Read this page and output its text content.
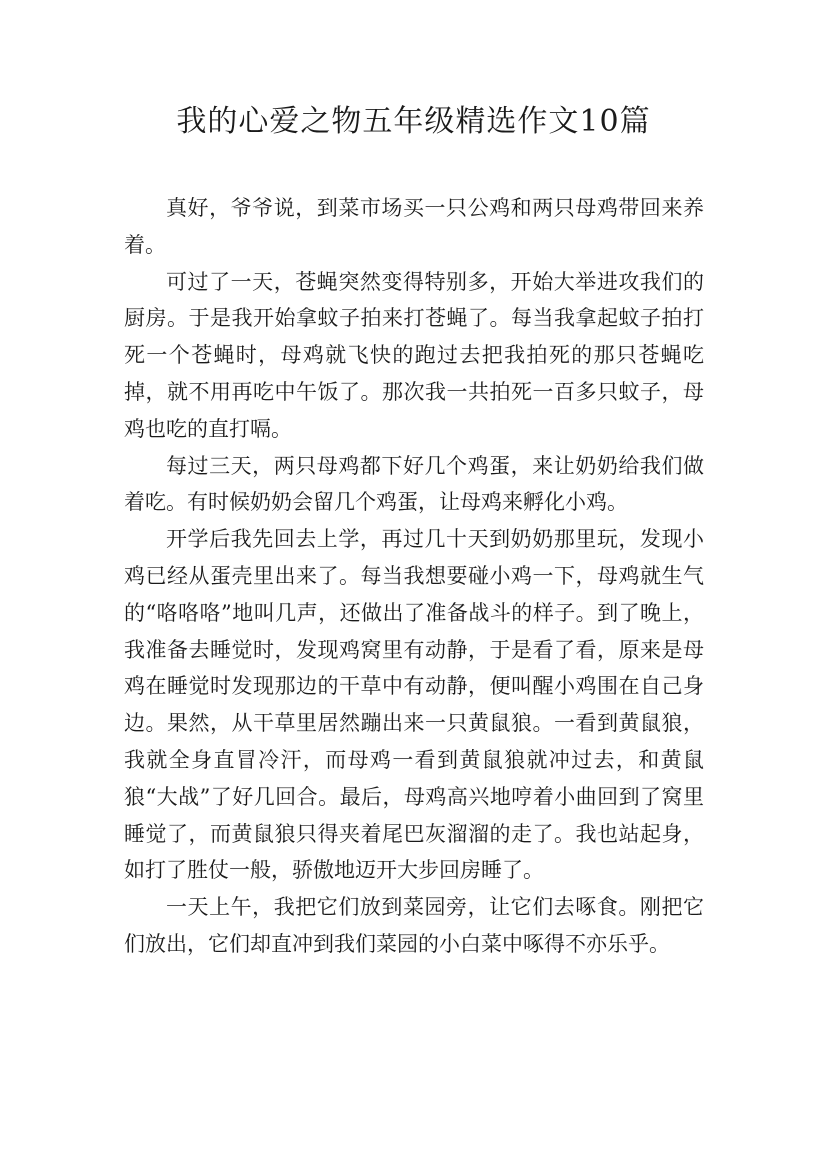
我的心爱之物五年级精选作文10篇

真好，爷爷说，到菜市场买一只公鸡和两只母鸡带回来养着。

可过了一天，苍蝇突然变得特别多，开始大举进攻我们的厨房。于是我开始拿蚊子拍来打苍蝇了。每当我拿起蚊子拍打死一个苍蝇时，母鸡就飞快的跑过去把我拍死的那只苍蝇吃掉，就不用再吃中午饭了。那次我一共拍死一百多只蚊子，母鸡也吃的直打嗝。

每过三天，两只母鸡都下好几个鸡蛋，来让奶奶给我们做着吃。有时候奶奶会留几个鸡蛋，让母鸡来孵化小鸡。

开学后我先回去上学，再过几十天到奶奶那里玩，发现小鸡已经从蛋壳里出来了。每当我想要碰小鸡一下，母鸡就生气的“咯咯咯”地叫几声，还做出了准备战斗的样子。到了晚上，我准备去睡觉时，发现鸡窝里有动静，于是看了看，原来是母鸡在睡觉时发现那边的干草中有动静，便叫醒小鸡围在自己身边。果然，从干草里居然蹦出来一只黄鼠狼。一看到黄鼠狼，我就全身直冒冷汗，而母鸡一看到黄鼠狼就冲过去，和黄鼠狼“大战”了好几回合。最后，母鸡高兴地哼着小曲回到了窝里睡觉了，而黄鼠狼只得夹着尾巴灰溜溜的走了。我也站起身，如打了胜仗一般，骄傲地迈开大步回房睡了。

一天上午，我把它们放到菜园旁，让它们去啄食。刚把它们放出，它们却直冲到我们菜园的小白菜中啄得不亦乐乎。
